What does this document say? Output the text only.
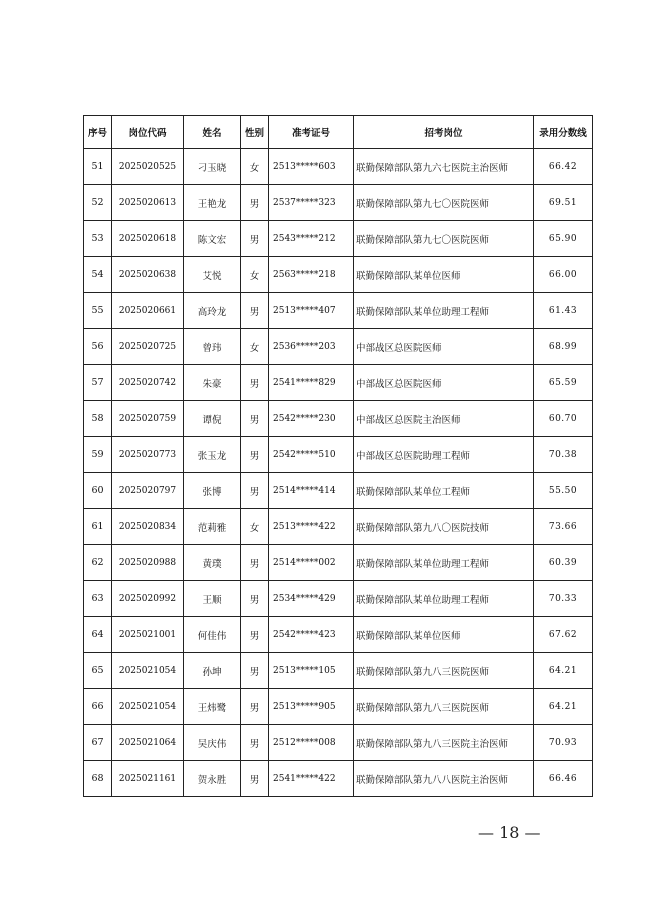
序号	岗位代码	姓名	性别	准考证号	招考岗位	录用分数线
51	2025020525	刁玉晓	女	2513*****603	联勤保障部队第九六七医院主治医师	66.42
52	2025020613	王艳龙	男	2537*****323	联勤保障部队第九七〇医院医师	69.51
53	2025020618	陈文宏	男	2543*****212	联勤保障部队第九七〇医院医师	65.90
54	2025020638	艾悦	女	2563*****218	联勤保障部队某单位医师	66.00
55	2025020661	高玲龙	男	2513*****407	联勤保障部队某单位助理工程师	61.43
56	2025020725	曾玮	女	2536*****203	中部战区总医院医师	68.99
57	2025020742	朱豪	男	2541*****829	中部战区总医院医师	65.59
58	2025020759	谭倪	男	2542*****230	中部战区总医院主治医师	60.70
59	2025020773	张玉龙	男	2542*****510	中部战区总医院助理工程师	70.38
60	2025020797	张博	男	2514*****414	联勤保障部队某单位工程师	55.50
61	2025020834	范莉雅	女	2513*****422	联勤保障部队第九八〇医院技师	73.66
62	2025020988	黄璞	男	2514*****002	联勤保障部队某单位助理工程师	60.39
63	2025020992	王顺	男	2534*****429	联勤保障部队某单位助理工程师	70.33
64	2025021001	何佳伟	男	2542*****423	联勤保障部队某单位医师	67.62
65	2025021054	孙坤	男	2513*****105	联勤保障部队第九八三医院医师	64.21
66	2025021054	王炜鹭	男	2513*****905	联勤保障部队第九八三医院医师	64.21
67	2025021064	吴庆伟	男	2512*****008	联勤保障部队第九八三医院主治医师	70.93
68	2025021161	贺永胜	男	2541*****422	联勤保障部队第九八八医院主治医师	66.46
— 18 —
